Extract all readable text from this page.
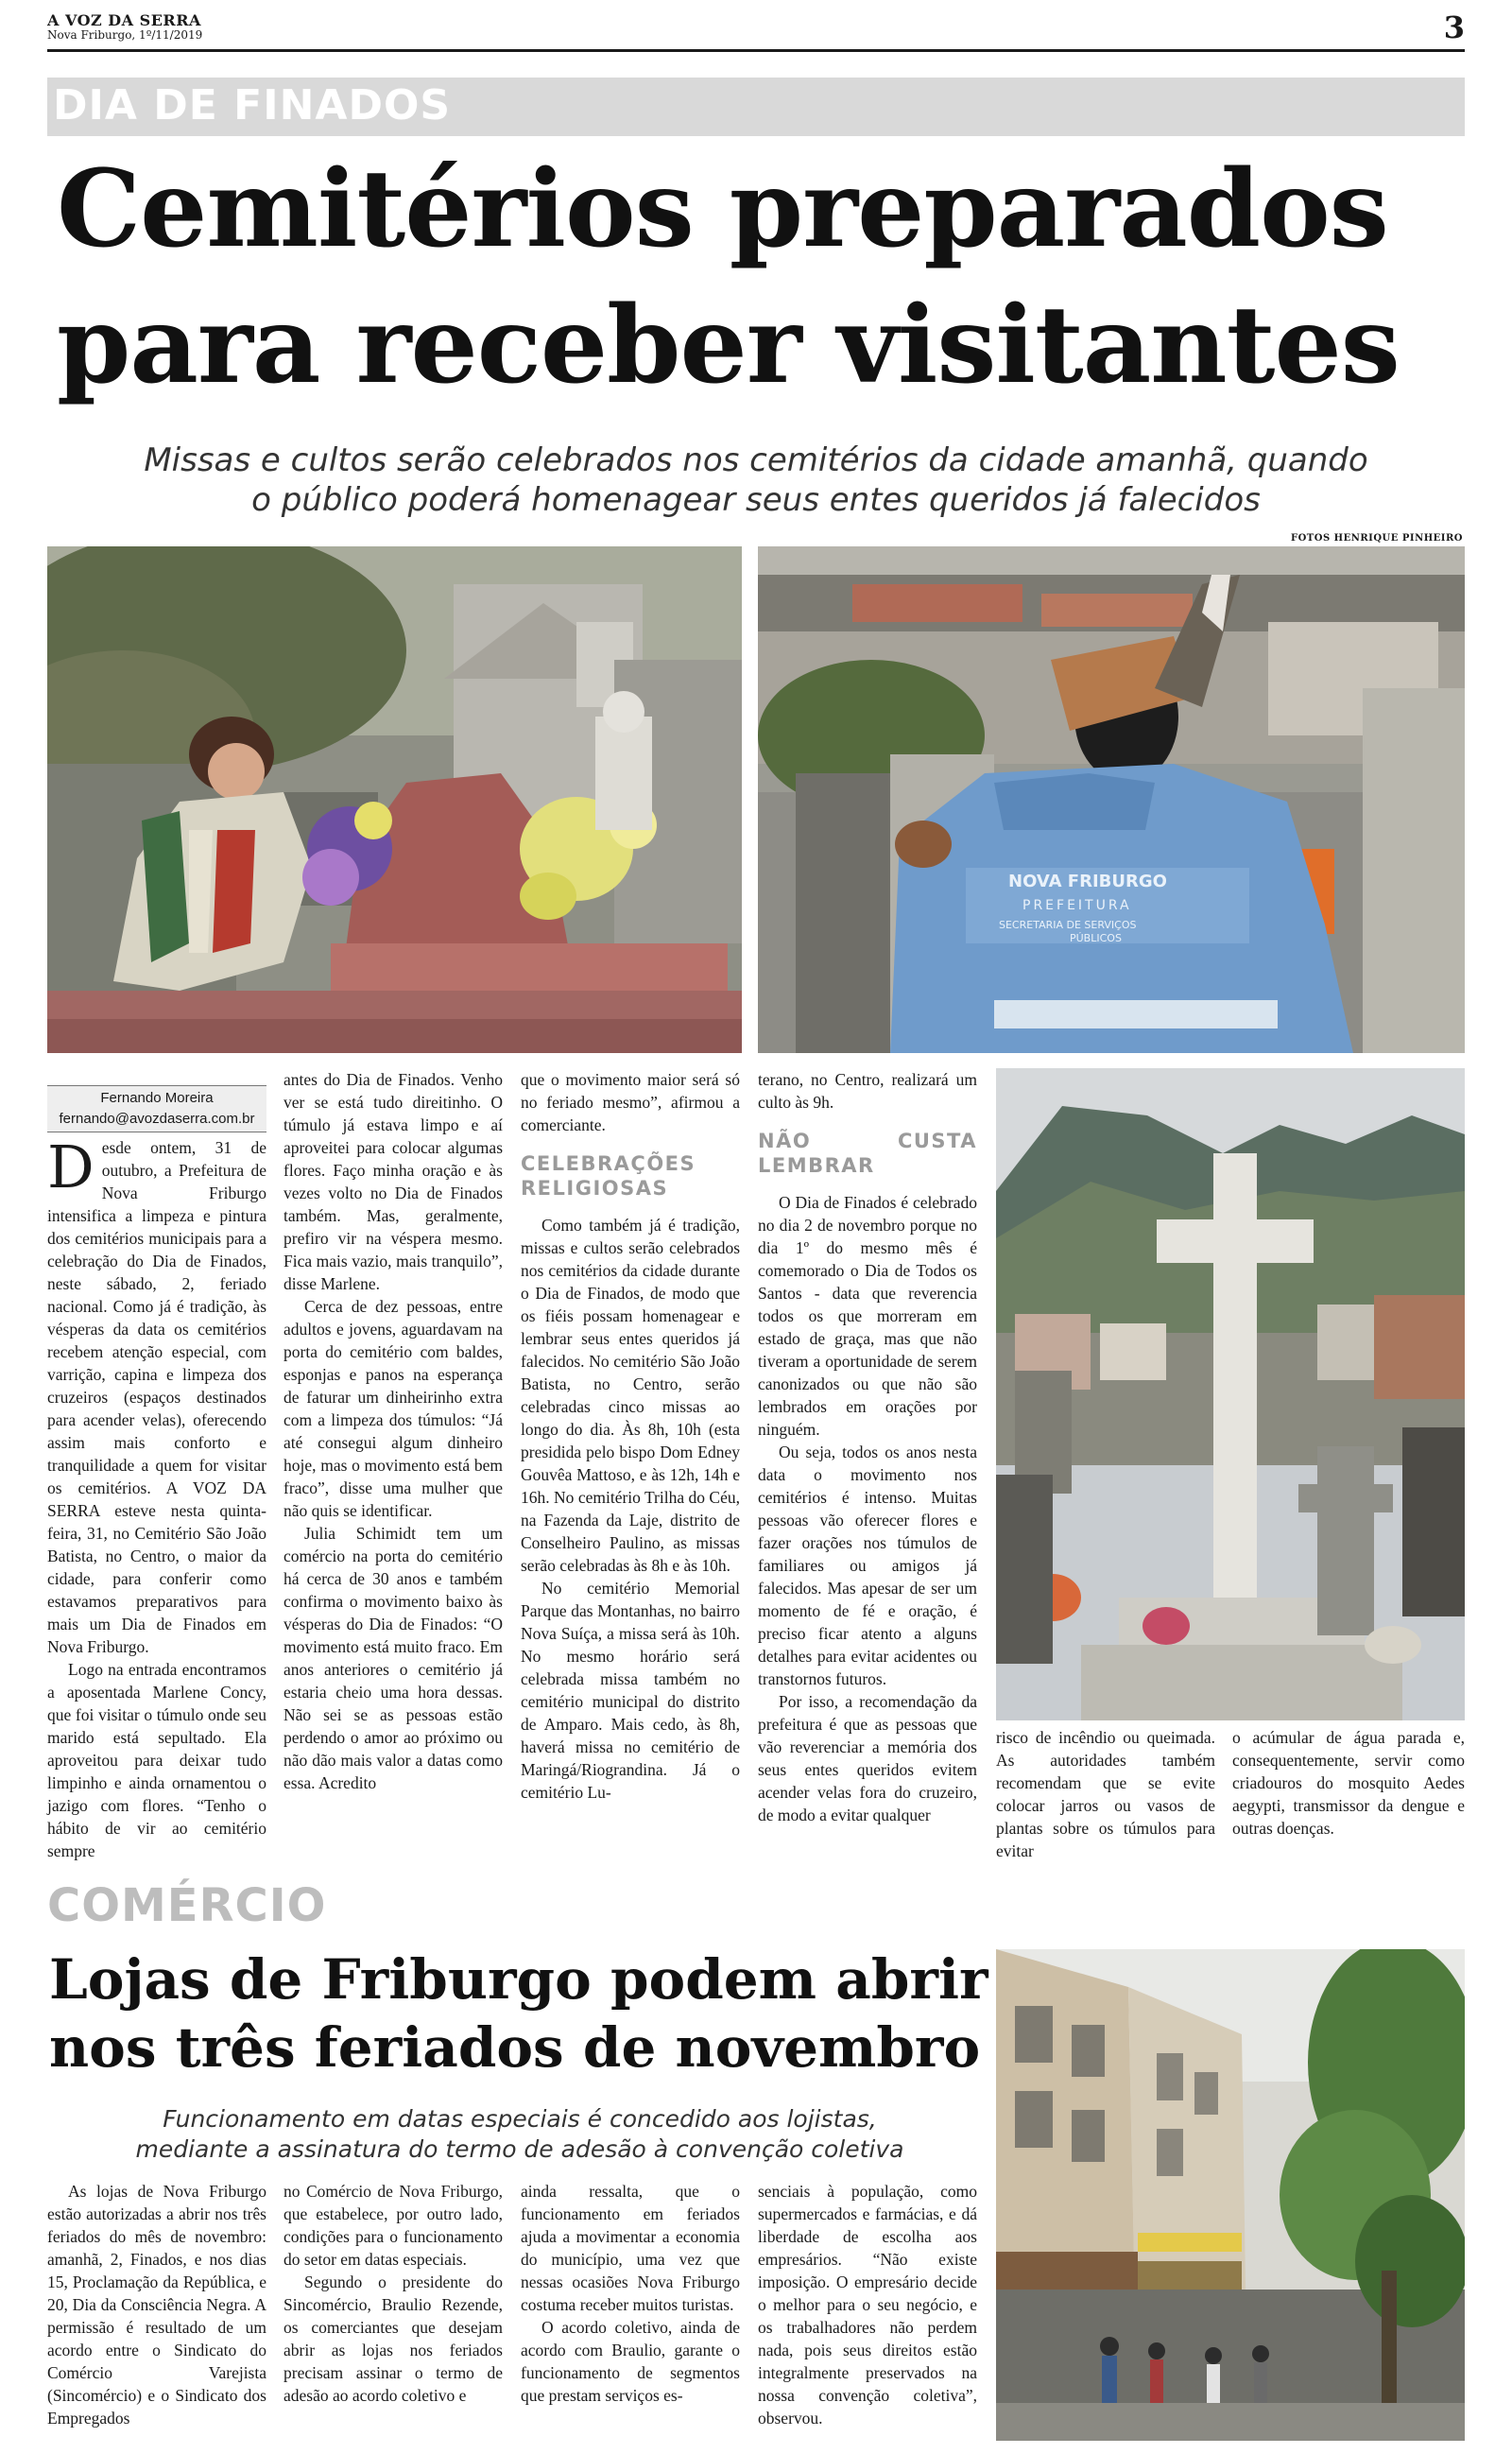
A VOZ DA SERRA
Nova Friburgo, 1º/11/2019	3
DIA DE FINADOS
Cemitérios preparados
para receber visitantes
Missas e cultos serão celebrados nos cemitérios da cidade amanhã, quando
o público poderá homenagear seus entes queridos já falecidos
FOTOS HENRIQUE PINHEIRO
NOVA FRIBURGO
PREFEITURA
SECRETARIA DE SERVIÇOS
PÚBLICOS
Fernando Moreira
fernando@avozdaserra.com.br

Desde ontem, 31 de outubro, a Prefeitura de Nova Friburgo intensifica a limpeza e pintura dos cemitérios municipais para a celebração do Dia de Finados, neste sábado, 2, feriado nacional. Como já é tradição, às vésperas da data os cemitérios recebem atenção especial, com varrição, capina e limpeza dos cruzeiros (espaços destinados para acender velas), oferecendo assim mais conforto e tranquilidade a quem for visitar os cemitérios. A VOZ DA SERRA esteve nesta quinta-feira, 31, no Cemitério São João Batista, no Centro, o maior da cidade, para conferir como estavamos preparativos para mais um Dia de Finados em Nova Friburgo.

Logo na entrada encontramos a aposentada Marlene Concy, que foi visitar o túmulo onde seu marido está sepultado. Ela aproveitou para deixar tudo limpinho e ainda ornamentou o jazigo com flores. “Tenho o hábito de vir ao cemitério sempre

antes do Dia de Finados. Venho ver se está tudo direitinho. O túmulo já estava limpo e aí aproveitei para colocar algumas flores. Faço minha oração e às vezes volto no Dia de Finados também. Mas, geralmente, prefiro vir na véspera mesmo. Fica mais vazio, mais tranquilo”, disse Marlene.

Cerca de dez pessoas, entre adultos e jovens, aguardavam na porta do cemitério com baldes, esponjas e panos na esperança de faturar um dinheirinho extra com a limpeza dos túmulos: “Já até consegui algum dinheiro hoje, mas o movimento está bem fraco”, disse uma mulher que não quis se identificar.

Julia Schimidt tem um comércio na porta do cemitério há cerca de 30 anos e também confirma o movimento baixo às vésperas do Dia de Finados: “O movimento está muito fraco. Em anos anteriores o cemitério já estaria cheio uma hora dessas. Não sei se as pessoas estão perdendo o amor ao próximo ou não dão mais valor a datas como essa. Acredito

que o movimento maior será só no feriado mesmo”, afirmou a comerciante.

CELEBRAÇÕES RELIGIOSAS

Como também já é tradição, missas e cultos serão celebrados nos cemitérios da cidade durante o Dia de Finados, de modo que os fiéis possam homenagear e lembrar seus entes queridos já falecidos. No cemitério São João Batista, no Centro, serão celebradas cinco missas ao longo do dia. Às 8h, 10h (esta presidida pelo bispo Dom Edney Gouvêa Mattoso, e às 12h, 14h e 16h. No cemitério Trilha do Céu, na Fazenda da Laje, distrito de Conselheiro Paulino, as missas serão celebradas às 8h e às 10h.

No cemitério Memorial Parque das Montanhas, no bairro Nova Suíça, a missa será às 10h. No mesmo horário será celebrada missa também no cemitério municipal do distrito de Amparo. Mais cedo, às 8h, haverá missa no cemitério de Maringá/Riograndina. Já o cemitério Lu-

terano, no Centro, realizará um culto às 9h.

NÃO CUSTA LEMBRAR

O Dia de Finados é celebrado no dia 2 de novembro porque no dia 1º do mesmo mês é comemorado o Dia de Todos os Santos - data que reverencia todos os que morreram em estado de graça, mas que não tiveram a oportunidade de serem canonizados ou que não são lembrados em orações por ninguém.

Ou seja, todos os anos nesta data o movimento nos cemitérios é intenso. Muitas pessoas vão oferecer flores e fazer orações nos túmulos de familiares ou amigos já falecidos. Mas apesar de ser um momento de fé e oração, é preciso ficar atento a alguns detalhes para evitar acidentes ou transtornos futuros.

Por isso, a recomendação da prefeitura é que as pessoas que vão reverenciar a memória dos seus entes queridos evitem acender velas fora do cruzeiro, de modo a evitar qualquer

risco de incêndio ou queimada. As autoridades também recomendam que se evite colocar jarros ou vasos de plantas sobre os túmulos para evitar

o acúmular de água parada e, consequentemente, servir como criadouros do mosquito Aedes aegypti, transmissor da dengue e outras doenças.

COMÉRCIO
Lojas de Friburgo podem abrir
nos três feriados de novembro
Funcionamento em datas especiais é concedido aos lojistas,
mediante a assinatura do termo de adesão à convenção coletiva

As lojas de Nova Friburgo estão autorizadas a abrir nos três feriados do mês de novembro: amanhã, 2, Finados, e nos dias 15, Proclamação da República, e 20, Dia da Consciência Negra. A permissão é resultado de um acordo entre o Sindicato do Comércio Varejista (Sincomércio) e o Sindicato dos Empregados

no Comércio de Nova Friburgo, que estabelece, por outro lado, condições para o funcionamento do setor em datas especiais.

Segundo o presidente do Sincomércio, Braulio Rezende, os comerciantes que desejam abrir as lojas nos feriados precisam assinar o termo de adesão ao acordo coletivo e

ainda ressalta, que o funcionamento em feriados ajuda a movimentar a economia do município, uma vez que nessas ocasiões Nova Friburgo costuma receber muitos turistas.

O acordo coletivo, ainda de acordo com Braulio, garante o funcionamento de segmentos que prestam serviços es-

senciais à população, como supermercados e farmácias, e dá liberdade de escolha aos empresários. “Não existe imposição. O empresário decide o melhor para o seu negócio, e os trabalhadores não perdem nada, pois seus direitos estão integralmente preservados na nossa convenção coletiva”, observou.
